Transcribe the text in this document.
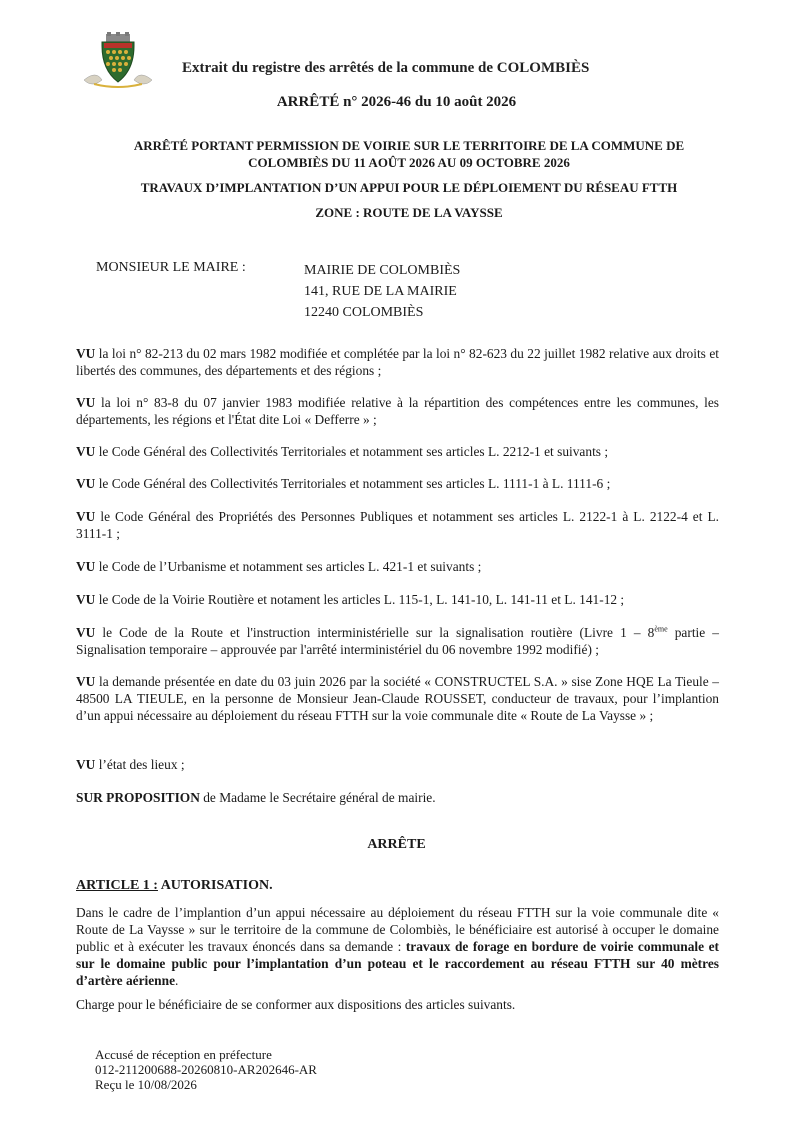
Extrait du registre des arrêtés de la commune de COLOMBIÈS
ARRÊTÉ n° 2026-46 du 10 août 2026
ARRÊTÉ PORTANT PERMISSION DE VOIRIE SUR LE TERRITOIRE DE LA COMMUNE DE
COLOMBIÈS DU 11 AOÛT 2026 AU 09 OCTOBRE 2026
TRAVAUX D’IMPLANTATION D’UN APPUI POUR LE DÉPLOIEMENT DU RÉSEAU FTTH
ZONE : ROUTE DE LA VAYSSE
MONSIEUR LE MAIRE :	MAIRIE DE COLOMBIÈS
141, RUE DE LA MAIRIE
12240 COLOMBIÈS
VU la loi n° 82-213 du 02 mars 1982 modifiée et complétée par la loi n° 82-623 du 22 juillet 1982 relative aux droits et libertés des communes, des départements et des régions ;
VU la loi n° 83-8 du 07 janvier 1983 modifiée relative à la répartition des compétences entre les communes, les départements, les régions et l'État dite Loi « Defferre » ;
VU le Code Général des Collectivités Territoriales et notamment ses articles L. 2212-1 et suivants ;
VU le Code Général des Collectivités Territoriales et notamment ses articles L. 1111-1 à L. 1111-6 ;
VU le Code Général des Propriétés des Personnes Publiques et notamment ses articles L. 2122-1 à L. 2122-4 et L. 3111-1 ;
VU le Code de l’Urbanisme et notamment ses articles L. 421-1 et suivants ;
VU le Code de la Voirie Routière et notament les articles L. 115-1, L. 141-10, L. 141-11 et L. 141-12 ;
VU le Code de la Route et l'instruction interministérielle sur la signalisation routière (Livre 1 – 8ème partie – Signalisation temporaire – approuvée par l'arrêté interministériel du 06 novembre 1992 modifié) ;
VU la demande présentée en date du 03 juin 2026 par la société « CONSTRUCTEL S.A. » sise Zone HQE La Tieule – 48500 LA TIEULE, en la personne de Monsieur Jean-Claude ROUSSET, conducteur de travaux, pour l’implantion d’un appui nécessaire au déploiement du réseau FTTH sur la voie communale dite « Route de La Vaysse » ;
VU l’état des lieux ;
SUR PROPOSITION de Madame le Secrétaire général de mairie.
ARRÊTE
ARTICLE 1 : AUTORISATION.
Dans le cadre de l’implantion d’un appui nécessaire au déploiement du réseau FTTH sur la voie communale dite « Route de La Vaysse » sur le territoire de la commune de Colombiès, le bénéficiaire est autorisé à occuper le domaine public et à exécuter les travaux énoncés dans sa demande : travaux de forage en bordure de voirie communale et sur le domaine public pour l’implantation d’un poteau et le raccordement au réseau FTTH sur 40 mètres d’artère aérienne.
Charge pour le bénéficiaire de se conformer aux dispositions des articles suivants.
Accusé de réception en préfecture
012-211200688-20260810-AR202646-AR
Reçu le 10/08/2026
